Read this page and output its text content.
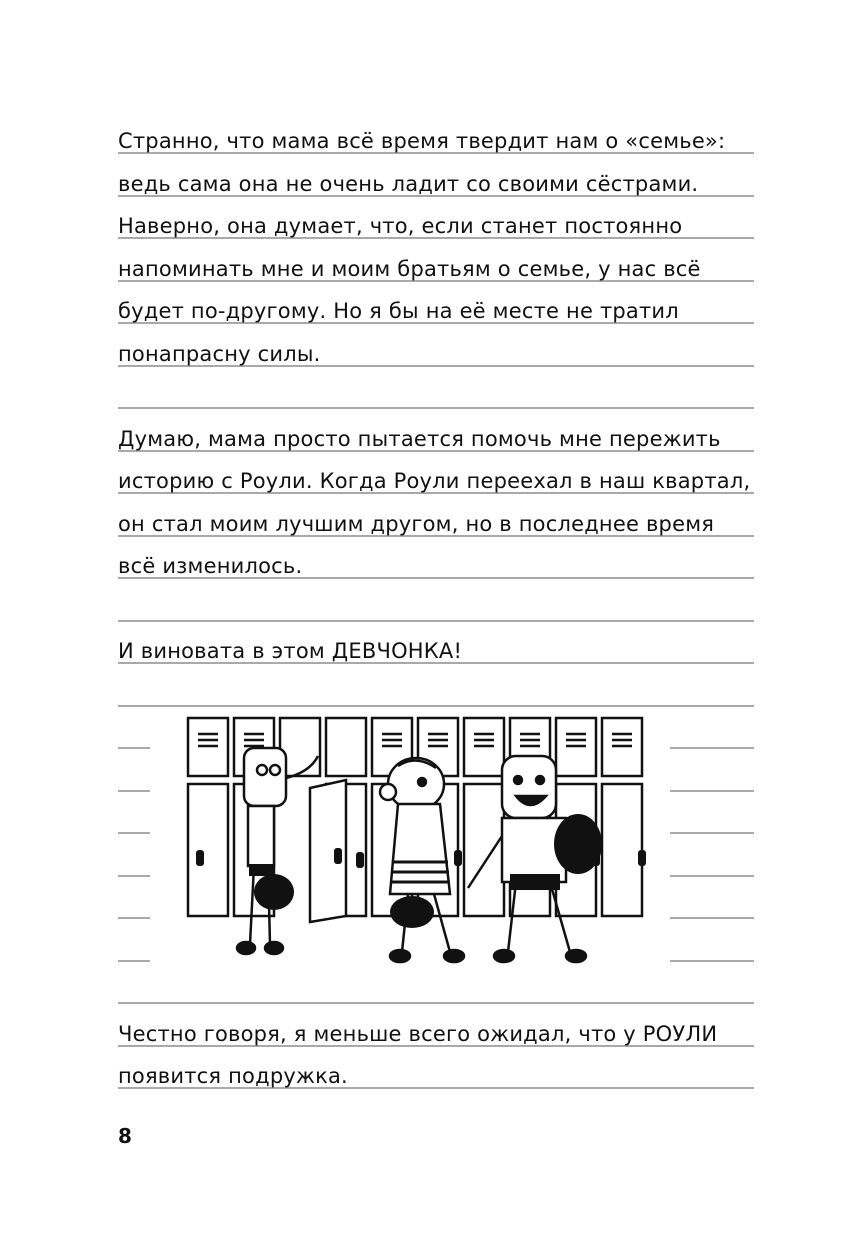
Странно, что мама всё время твердит нам о «семье»:
ведь сама она не очень ладит со своими сёстрами.
Наверно, она думает, что, если станет постоянно
напоминать мне и моим братьям о семье, у нас всё
будет по-другому. Но я бы на её месте не тратил
понапрасну силы.
Думаю, мама просто пытается помочь мне пережить
историю с Роули. Когда Роули переехал в наш квартал,
он стал моим лучшим другом, но в последнее время
всё изменилось.
И виновата в этом ДЕВЧОНКА!
Честно говоря, я меньше всего ожидал, что у РОУЛИ
появится подружка.
8
